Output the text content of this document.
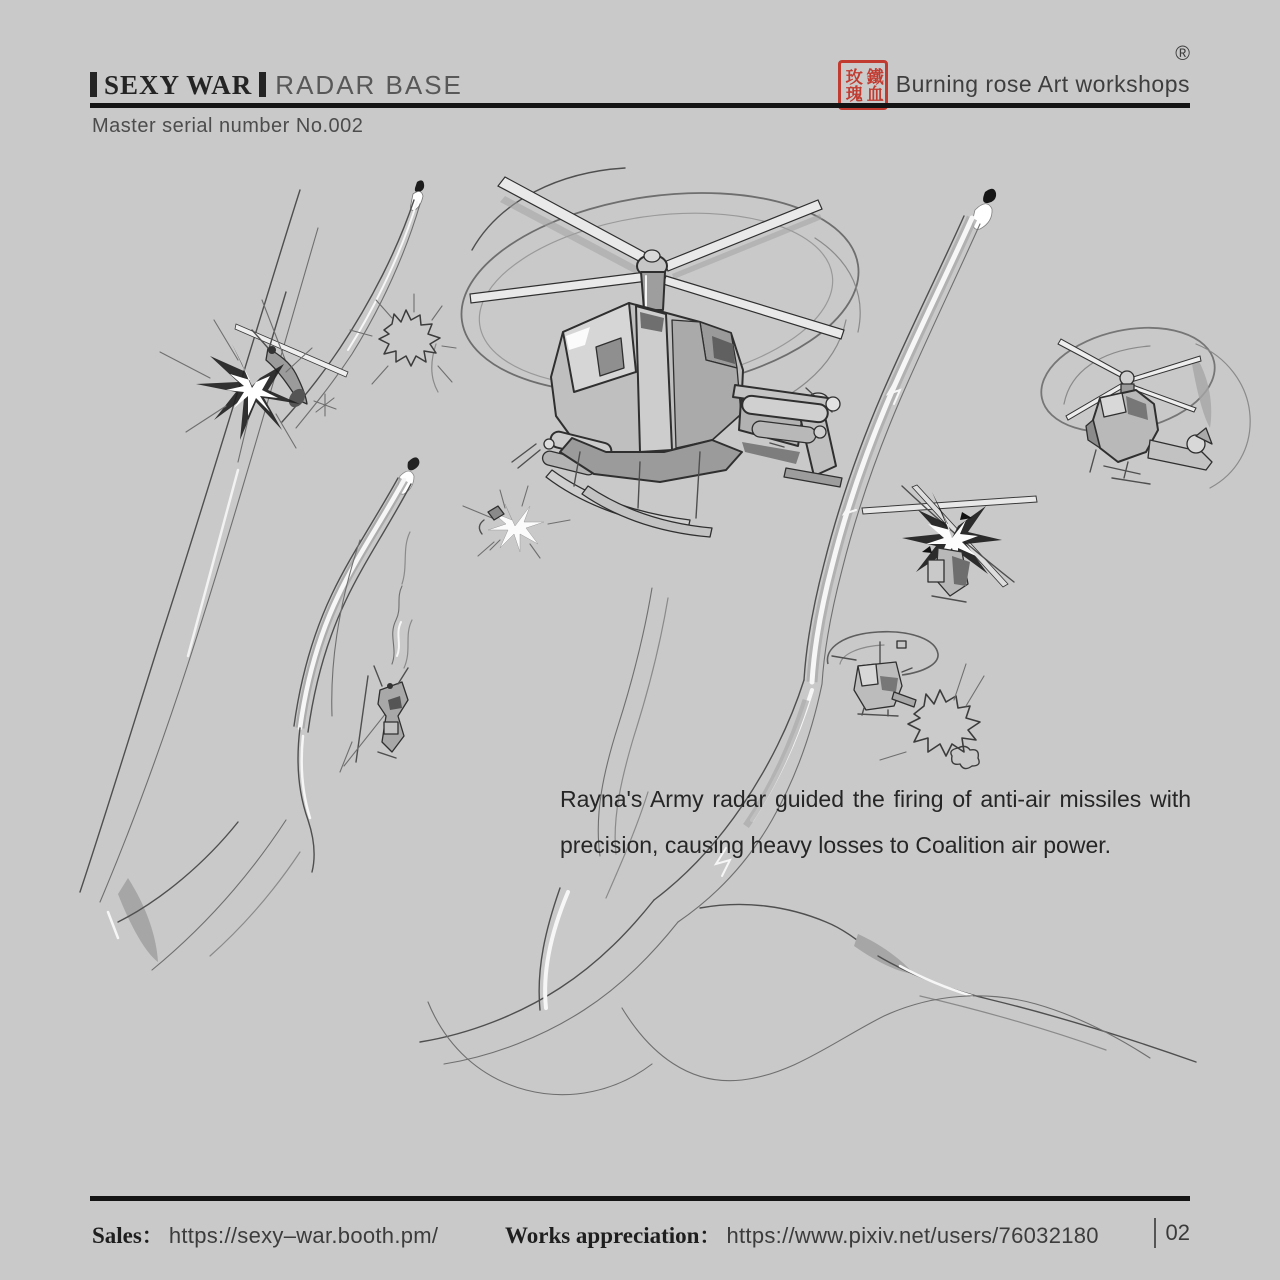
SEXY WAR RADAR BASE	玫瑰 鐵血
®
Burning rose Art workshops
Master serial number No.002
Rayna's Army radar guided the firing of anti-air missiles with
precision, causing heavy losses to Coalition air power.
Sales： https://sexy–war.booth.pm/	Works appreciation： https://www.pixiv.net/users/76032180	02
